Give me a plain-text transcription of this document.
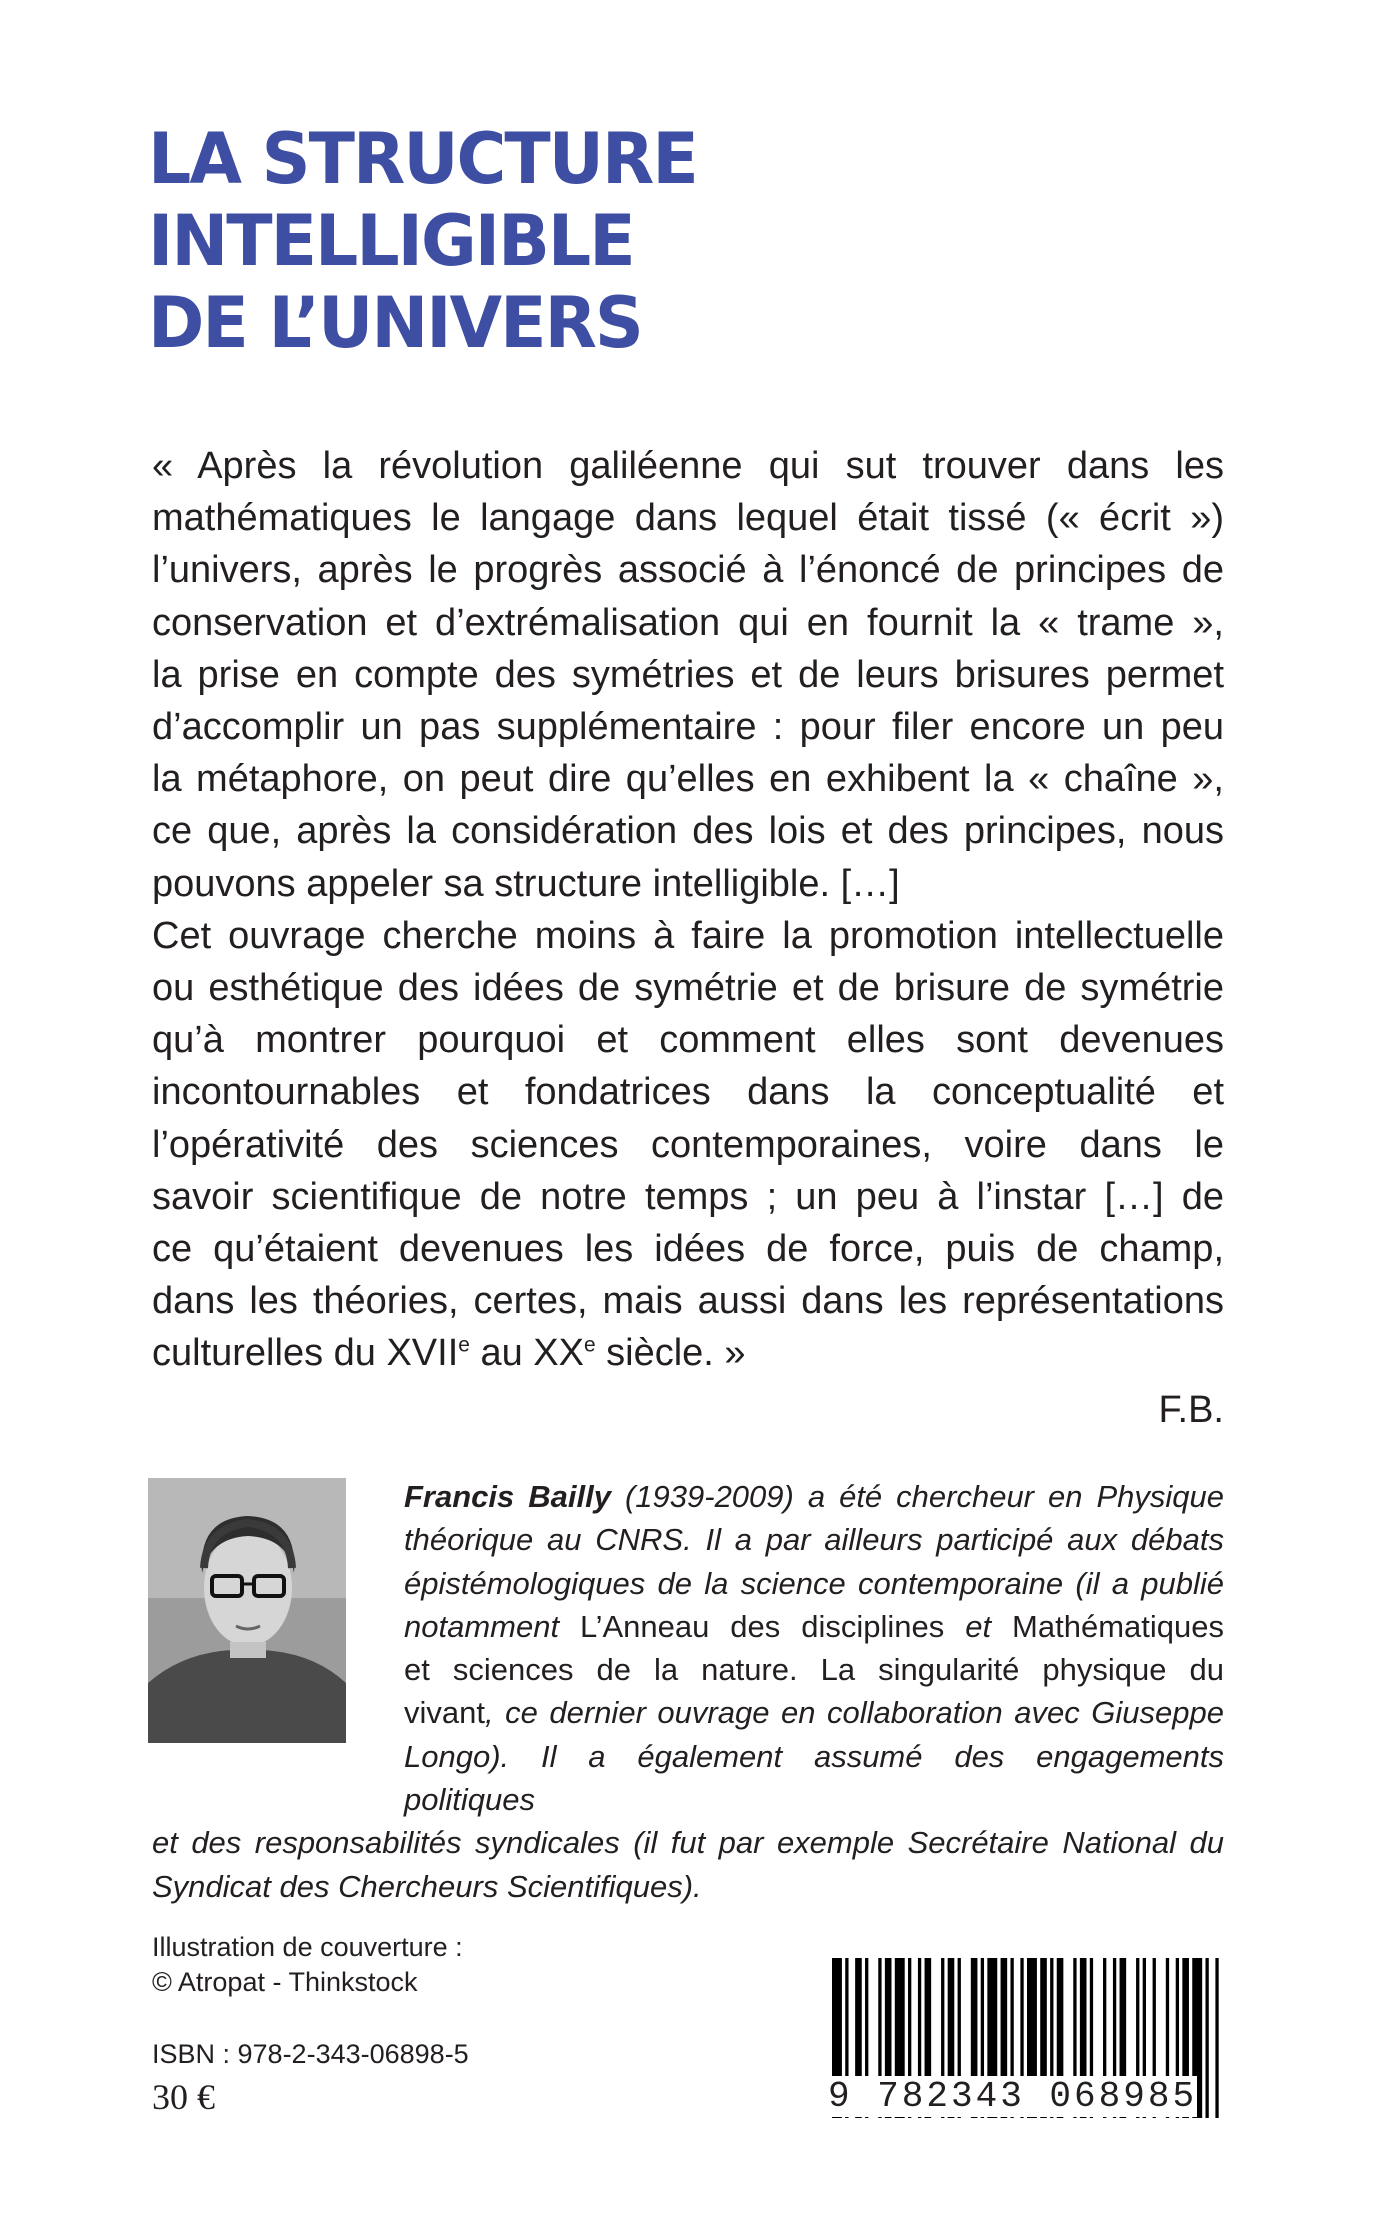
LA STRUCTURE
INTELLIGIBLE
DE L’UNIVERS
« Après la révolution galiléenne qui sut trouver dans les
mathématiques le langage dans lequel était tissé (« écrit »)
l’univers, après le progrès associé à l’énoncé de principes de
conservation et d’extrémalisation qui en fournit la « trame »,
la prise en compte des symétries et de leurs brisures permet
d’accomplir un pas supplémentaire : pour filer encore un peu
la métaphore, on peut dire qu’elles en exhibent la « chaîne »,
ce que, après la considération des lois et des principes, nous
pouvons appeler sa structure intelligible. […]
Cet ouvrage cherche moins à faire la promotion intellectuelle
ou esthétique des idées de symétrie et de brisure de symétrie
qu’à montrer pourquoi et comment elles sont devenues
incontournables et fondatrices dans la conceptualité et
l’opérativité des sciences contemporaines, voire dans le
savoir scientifique de notre temps ; un peu à l’instar […] de
ce qu’étaient devenues les idées de force, puis de champ,
dans les théories, certes, mais aussi dans les représentations
culturelles du XVIIe au XXe siècle. »
F.B.
Francis Bailly (1939-2009) a été chercheur en Physique
théorique au CNRS. Il a par ailleurs participé aux débats
épistémologiques de la science contemporaine (il a publié
notamment L’Anneau des disciplines et Mathématiques
et sciences de la nature. La singularité physique du
vivant, ce dernier ouvrage en collaboration avec Giuseppe
Longo). Il a également assumé des engagements politiques
et des responsabilités syndicales (il fut par exemple Secrétaire National du
Syndicat des Chercheurs Scientifiques).
Illustration de couverture :
© Atropat - Thinkstock
ISBN : 978-2-343-06898-5
30 €	9 782343 068985
